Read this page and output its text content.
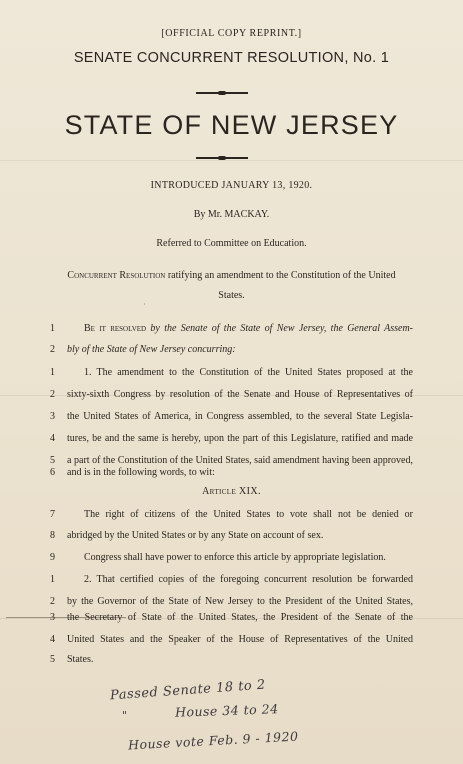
[OFFICIAL COPY REPRINT.]
SENATE CONCURRENT RESOLUTION, No. 1
STATE OF NEW JERSEY
INTRODUCED JANUARY 13, 1920.
By Mr. MACKAY.
Referred to Committee on Education.
Concurrent Resolution ratifying an amendment to the Constitution of the United
States.
·
1	Be it resolved by the Senate of the State of New Jersey, the General Assem-
2	bly of the State of New Jersey concurring:
1	1. The amendment to the Constitution of the United States proposed at the
2	sixty-sixth Congress by resolution of the Senate and House of Representatives of
3	the United States of America, in Congress assembled, to the several State Legisla-
4	tures, be and the same is hereby, upon the part of this Legislature, ratified and made
5	a part of the Constitution of the United States, said amendment having been approved,
6	and is in the following words, to wit:
Article XIX.
7	The right of citizens of the United States to vote shall not be denied or
8	abridged by the United States or by any State on account of sex.
9	Congress shall have power to enforce this article by appropriate legislation.
1	2. That certified copies of the foregoing concurrent resolution be forwarded
2	by the Governor of the State of New Jersey to the President of the United States,
3	the Secretary of State of the United States, the President of the Senate of the
4	United States and the Speaker of the House of Representatives of the United
5	States.
Passed Senate 18 to 2
"	House 34 to 24
House vote Feb. 9 - 1920
